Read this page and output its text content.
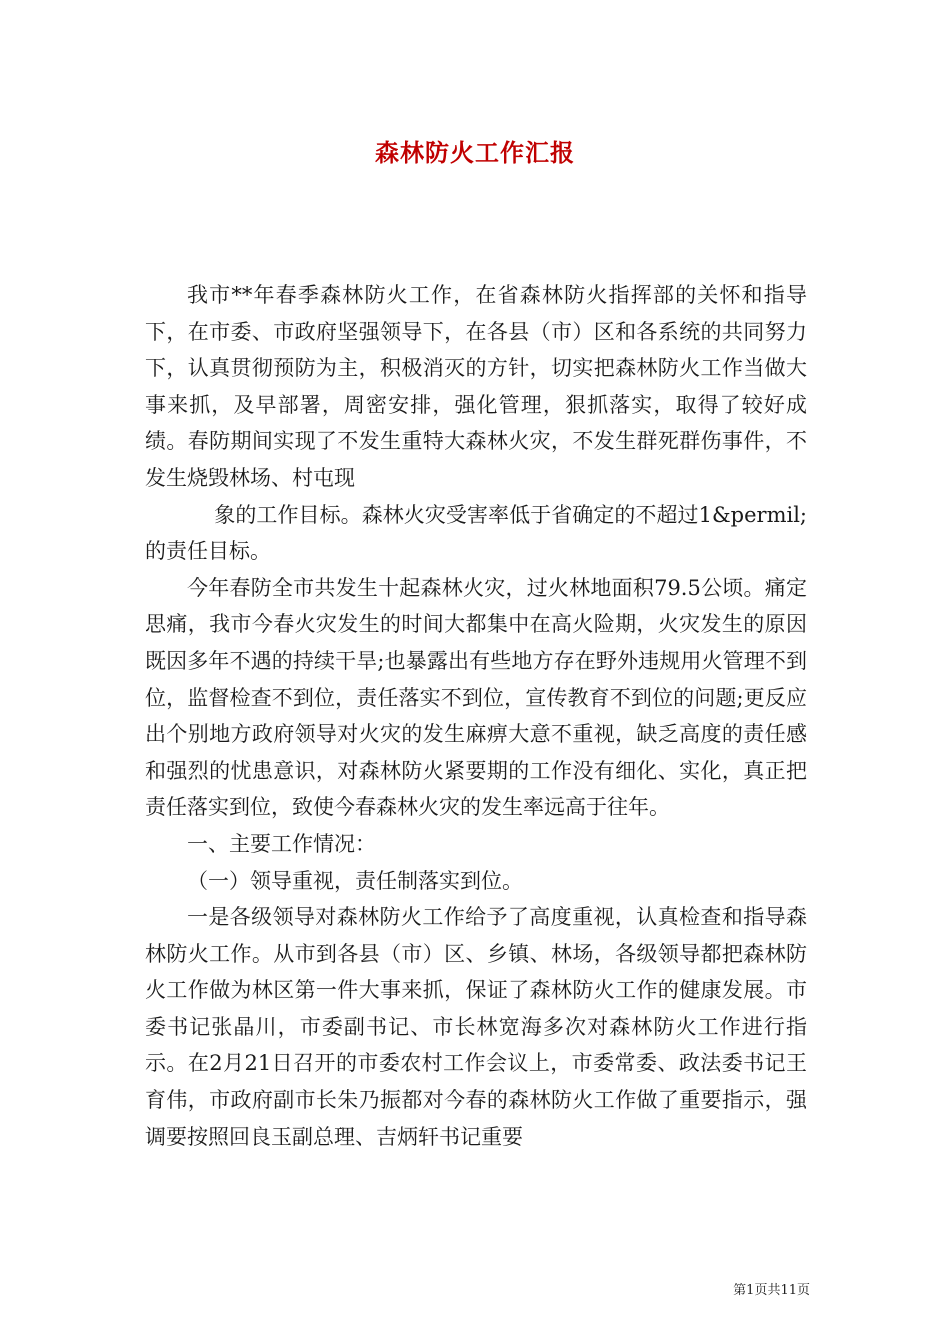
森林防火工作汇报

我市**年春季森林防火工作，在省森林防火指挥部的关怀和指导下，在市委、市政府坚强领导下，在各县（市）区和各系统的共同努力下，认真贯彻预防为主，积极消灭的方针，切实把森林防火工作当做大事来抓，及早部署，周密安排，强化管理，狠抓落实，取得了较好成绩。春防期间实现了不发生重特大森林火灾，不发生群死群伤事件，不发生烧毁林场、村屯现

象的工作目标。森林火灾受害率低于省确定的不超过1&permil;的责任目标。

今年春防全市共发生十起森林火灾，过火林地面积79.5公顷。痛定思痛，我市今春火灾发生的时间大都集中在高火险期，火灾发生的原因既因多年不遇的持续干旱;也暴露出有些地方存在野外违规用火管理不到位，监督检查不到位，责任落实不到位，宣传教育不到位的问题;更反应出个别地方政府领导对火灾的发生麻痹大意不重视，缺乏高度的责任感和强烈的忧患意识，对森林防火紧要期的工作没有细化、实化，真正把责任落实到位，致使今春森林火灾的发生率远高于往年。

一、主要工作情况：

（一）领导重视，责任制落实到位。

一是各级领导对森林防火工作给予了高度重视，认真检查和指导森林防火工作。从市到各县（市）区、乡镇、林场，各级领导都把森林防火工作做为林区第一件大事来抓，保证了森林防火工作的健康发展。市委书记张晶川，市委副书记、市长林宽海多次对森林防火工作进行指示。在2月21日召开的市委农村工作会议上，市委常委、政法委书记王育伟，市政府副市长朱乃振都对今春的森林防火工作做了重要指示，强调要按照回良玉副总理、吉炳轩书记重要

第1页共11页
